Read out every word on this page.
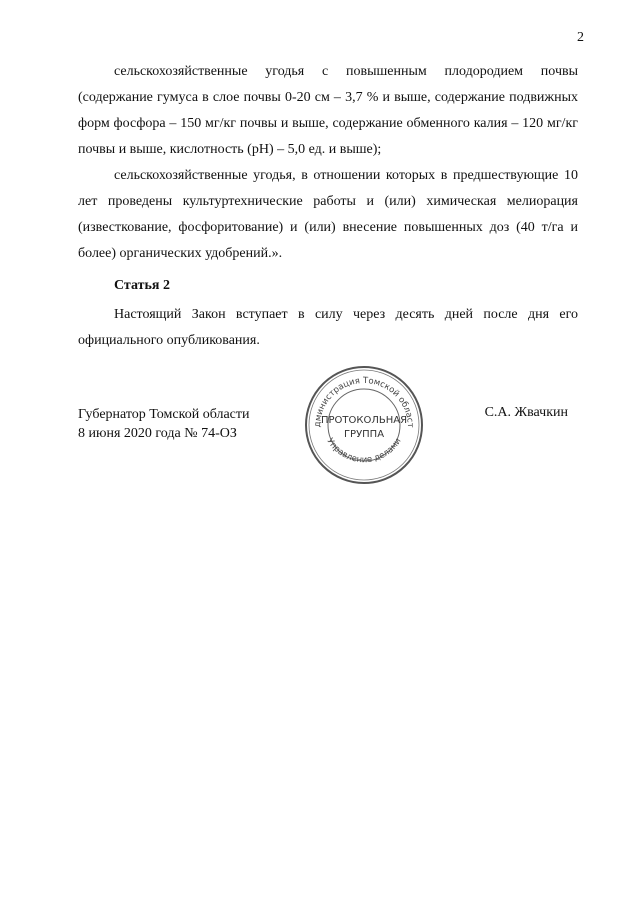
2

сельскохозяйственные угодья с повышенным плодородием почвы (содержание гумуса в слое почвы 0-20 см – 3,7 % и выше, содержание подвижных форм фосфора – 150 мг/кг почвы и выше, содержание обменного калия – 120 мг/кг почвы и выше, кислотность (рН) – 5,0 ед. и выше);

сельскохозяйственные угодья, в отношении которых в предшествующие 10 лет проведены культуртехнические работы и (или) химическая мелиорация (известкование, фосфоритование) и (или) внесение повышенных доз (40 т/га и более) органических удобрений.».

Статья 2

Настоящий Закон вступает в силу через десять дней после дня его официального опубликования.

Губернатор Томской области
8 июня 2020 года № 74-ОЗ
С.А. Жвачкин
дминистрация Томской област
Управление делами
ПРОТОКОЛЬНАЯ
ГРУППА
